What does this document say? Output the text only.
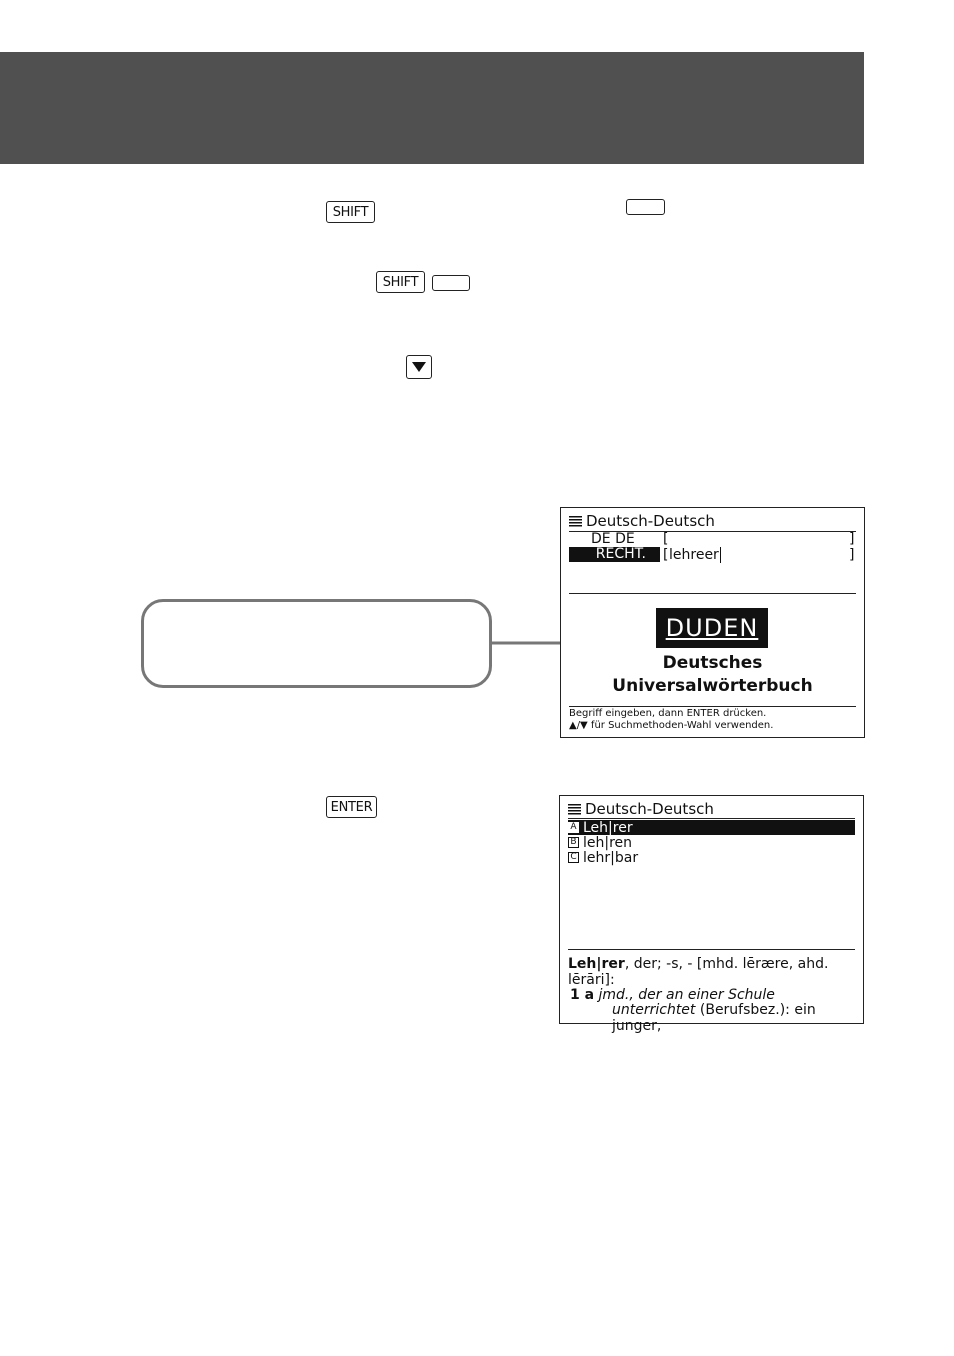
SHIFT
SHIFT
ENTER
Deutsch-Deutsch
DE DE [	]
RECHT.	[ lehreer	]
DUDEN
Deutsches
Universalwörterbuch
Begriff eingeben, dann ENTER drücken.
▲/▼ für Suchmethoden-Wahl verwenden.
Deutsch-Deutsch
A Leh|rer
B leh|ren
C lehr|bar
Leh|rer, der; -s, - [mhd. lērære, ahd.
lērāri]:
1 a jmd., der an einer Schule
unterrichtet (Berufsbez.): ein junger,
